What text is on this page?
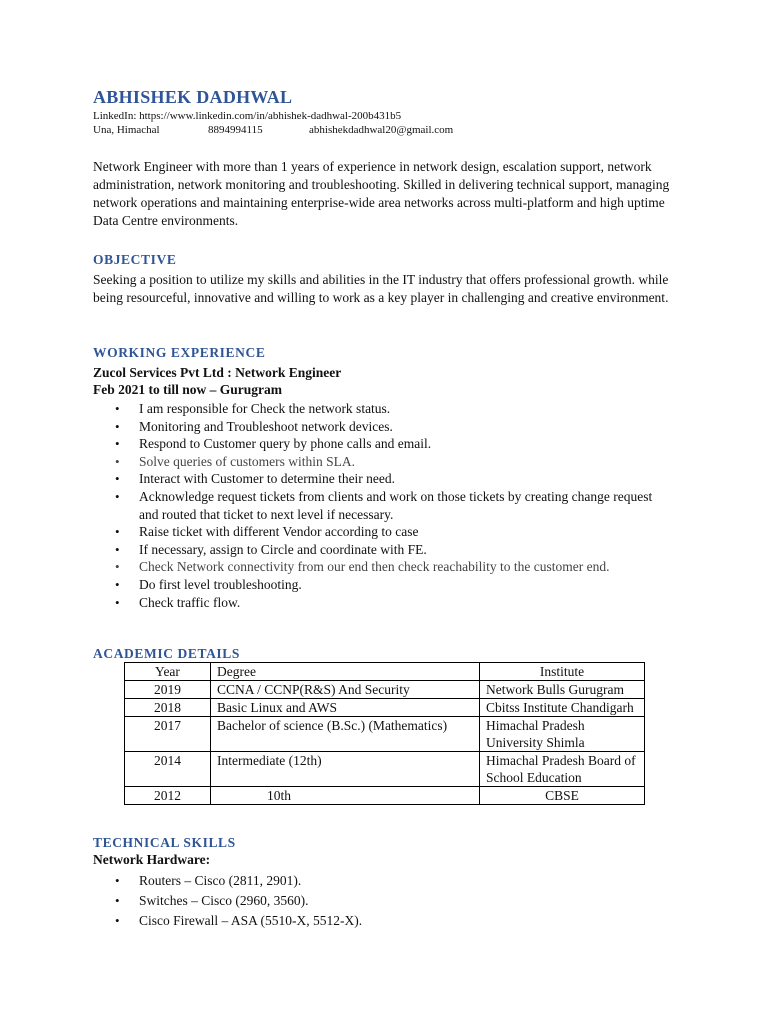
ABHISHEK DADHWAL
LinkedIn: https://www.linkedin.com/in/abhishek-dadhwal-200b431b5
Una, Himachal	8894994115	abhishekdadhwal20@gmail.com
Network Engineer with more than 1 years of experience in network design, escalation support, network administration, network monitoring and troubleshooting. Skilled in delivering technical support, managing network operations and maintaining enterprise-wide area networks across multi-platform and high uptime Data Centre environments.
OBJECTIVE
Seeking a position to utilize my skills and abilities in the IT industry that offers professional growth. while being resourceful, innovative and willing to work as a key player in challenging and creative environment.
WORKING EXPERIENCE
Zucol Services Pvt Ltd : Network Engineer
Feb 2021 to till now – Gurugram
• I am responsible for Check the network status.
• Monitoring and Troubleshoot network devices.
• Respond to Customer query by phone calls and email.
• Solve queries of customers within SLA.
• Interact with Customer to determine their need.
• Acknowledge request tickets from clients and work on those tickets by creating change request and routed that ticket to next level if necessary.
• Raise ticket with different Vendor according to case
• If necessary, assign to Circle and coordinate with FE.
• Check Network connectivity from our end then check reachability to the customer end.
• Do first level troubleshooting.
• Check traffic flow.
ACADEMIC DETAILS
Year	Degree	Institute
2019	CCNA / CCNP(R&S) And Security	Network Bulls Gurugram
2018	Basic Linux and AWS	Cbitss Institute Chandigarh
2017	Bachelor of science (B.Sc.) (Mathematics)	Himachal Pradesh University Shimla
2014	Intermediate (12th)	Himachal Pradesh Board of School Education
2012	10th	CBSE
TECHNICAL SKILLS
Network Hardware:
• Routers – Cisco (2811, 2901).
• Switches – Cisco (2960, 3560).
• Cisco Firewall – ASA (5510-X, 5512-X).
